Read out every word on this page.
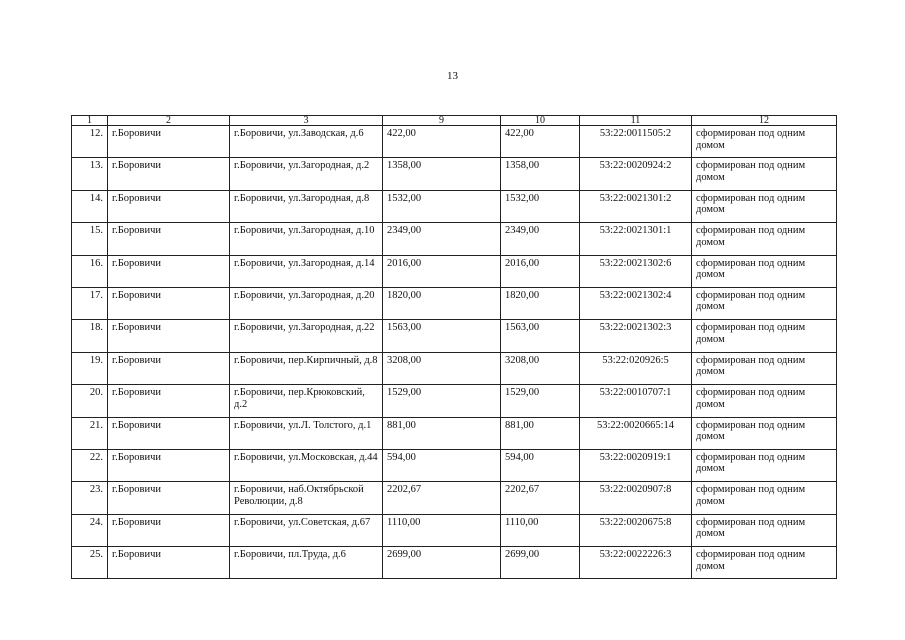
13
1	2	3	9	10	11	12
12.	г.Боровичи	г.Боровичи, ул.Заводская, д.6	422,00	422,00	53:22:0011505:2	сформирован под одним домом
13.	г.Боровичи	г.Боровичи, ул.Загородная, д.2	1358,00	1358,00	53:22:0020924:2	сформирован под одним домом
14.	г.Боровичи	г.Боровичи, ул.Загородная, д.8	1532,00	1532,00	53:22:0021301:2	сформирован под одним домом
15.	г.Боровичи	г.Боровичи, ул.Загородная, д.10	2349,00	2349,00	53:22:0021301:1	сформирован под одним домом
16.	г.Боровичи	г.Боровичи, ул.Загородная, д.14	2016,00	2016,00	53:22:0021302:6	сформирован под одним домом
17.	г.Боровичи	г.Боровичи, ул.Загородная, д.20	1820,00	1820,00	53:22:0021302:4	сформирован под одним домом
18.	г.Боровичи	г.Боровичи, ул.Загородная, д.22	1563,00	1563,00	53:22:0021302:3	сформирован под одним домом
19.	г.Боровичи	г.Боровичи, пер.Кирпичный, д.8	3208,00	3208,00	53:22:020926:5	сформирован под одним домом
20.	г.Боровичи	г.Боровичи, пер.Крюковский, д.2	1529,00	1529,00	53:22:0010707:1	сформирован под одним домом
21.	г.Боровичи	г.Боровичи, ул.Л. Толстого, д.1	881,00	881,00	53:22:0020665:14	сформирован под одним домом
22.	г.Боровичи	г.Боровичи, ул.Московская, д.44	594,00	594,00	53:22:0020919:1	сформирован под одним домом
23.	г.Боровичи	г.Боровичи, наб.Октябрьской Революции, д.8	2202,67	2202,67	53:22:0020907:8	сформирован под одним домом
24.	г.Боровичи	г.Боровичи, ул.Советская, д.67	1110,00	1110,00	53:22:0020675:8	сформирован под одним домом
25.	г.Боровичи	г.Боровичи, пл.Труда, д.6	2699,00	2699,00	53:22:0022226:3	сформирован под одним домом
